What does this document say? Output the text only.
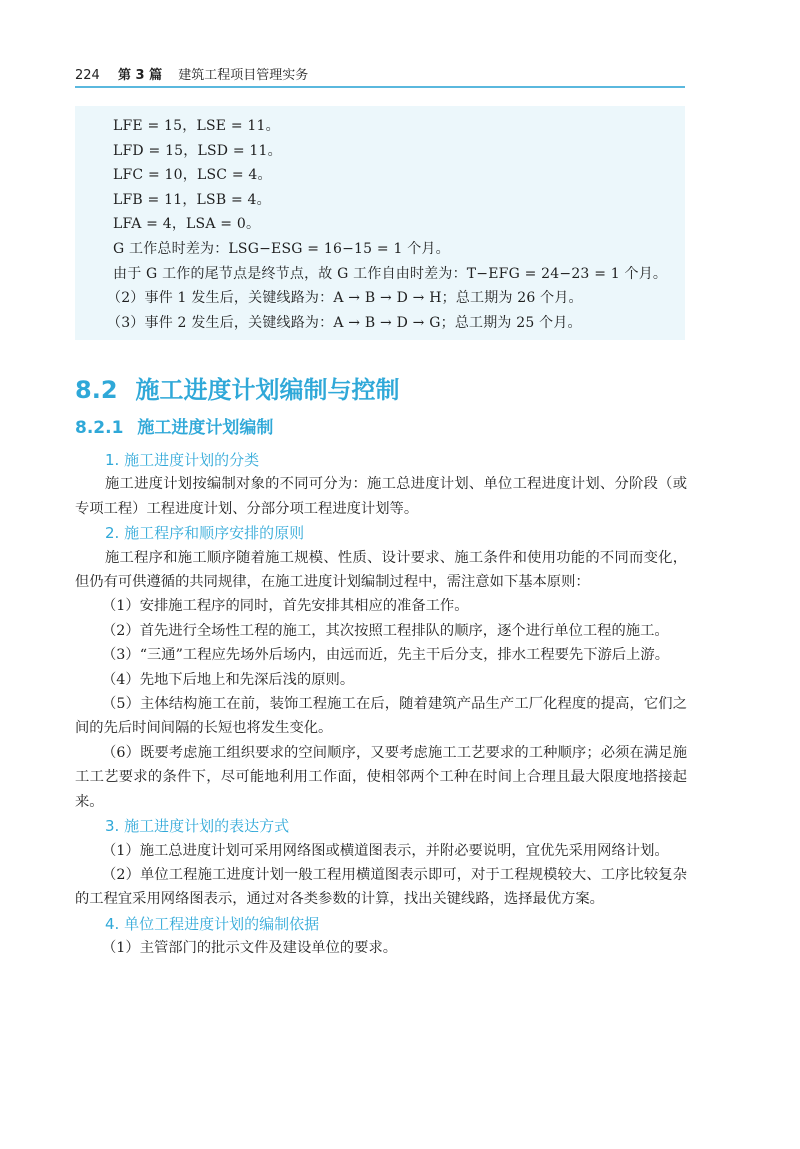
224 第 3 篇 建筑工程项目管理实务
LFE = 15，LSE = 11。
LFD = 15，LSD = 11。
LFC = 10，LSC = 4。
LFB = 11，LSB = 4。
LFA = 4，LSA = 0。
G 工作总时差为：LSG−ESG = 16−15 = 1 个月。
由于 G 工作的尾节点是终节点，故 G 工作自由时差为：T−EFG = 24−23 = 1 个月。
（2）事件 1 发生后，关键线路为：A → B → D → H；总工期为 26 个月。
（3）事件 2 发生后，关键线路为：A → B → D → G；总工期为 25 个月。
8.2 施工进度计划编制与控制
8.2.1 施工进度计划编制
1. 施工进度计划的分类

施工进度计划按编制对象的不同可分为：施工总进度计划、单位工程进度计划、分阶段（或专项工程）工程进度计划、分部分项工程进度计划等。

2. 施工程序和顺序安排的原则

施工程序和施工顺序随着施工规模、性质、设计要求、施工条件和使用功能的不同而变化，但仍有可供遵循的共同规律，在施工进度计划编制过程中，需注意如下基本原则：

（1）安排施工程序的同时，首先安排其相应的准备工作。

（2）首先进行全场性工程的施工，其次按照工程排队的顺序，逐个进行单位工程的施工。

（3）“三通”工程应先场外后场内，由远而近，先主干后分支，排水工程要先下游后上游。

（4）先地下后地上和先深后浅的原则。

（5）主体结构施工在前，装饰工程施工在后，随着建筑产品生产工厂化程度的提高，它们之间的先后时间间隔的长短也将发生变化。

（6）既要考虑施工组织要求的空间顺序，又要考虑施工工艺要求的工种顺序；必须在满足施工工艺要求的条件下，尽可能地利用工作面，使相邻两个工种在时间上合理且最大限度地搭接起来。

3. 施工进度计划的表达方式

（1）施工总进度计划可采用网络图或横道图表示，并附必要说明，宜优先采用网络计划。

（2）单位工程施工进度计划一般工程用横道图表示即可，对于工程规模较大、工序比较复杂的工程宜采用网络图表示，通过对各类参数的计算，找出关键线路，选择最优方案。

4. 单位工程进度计划的编制依据

（1）主管部门的批示文件及建设单位的要求。
